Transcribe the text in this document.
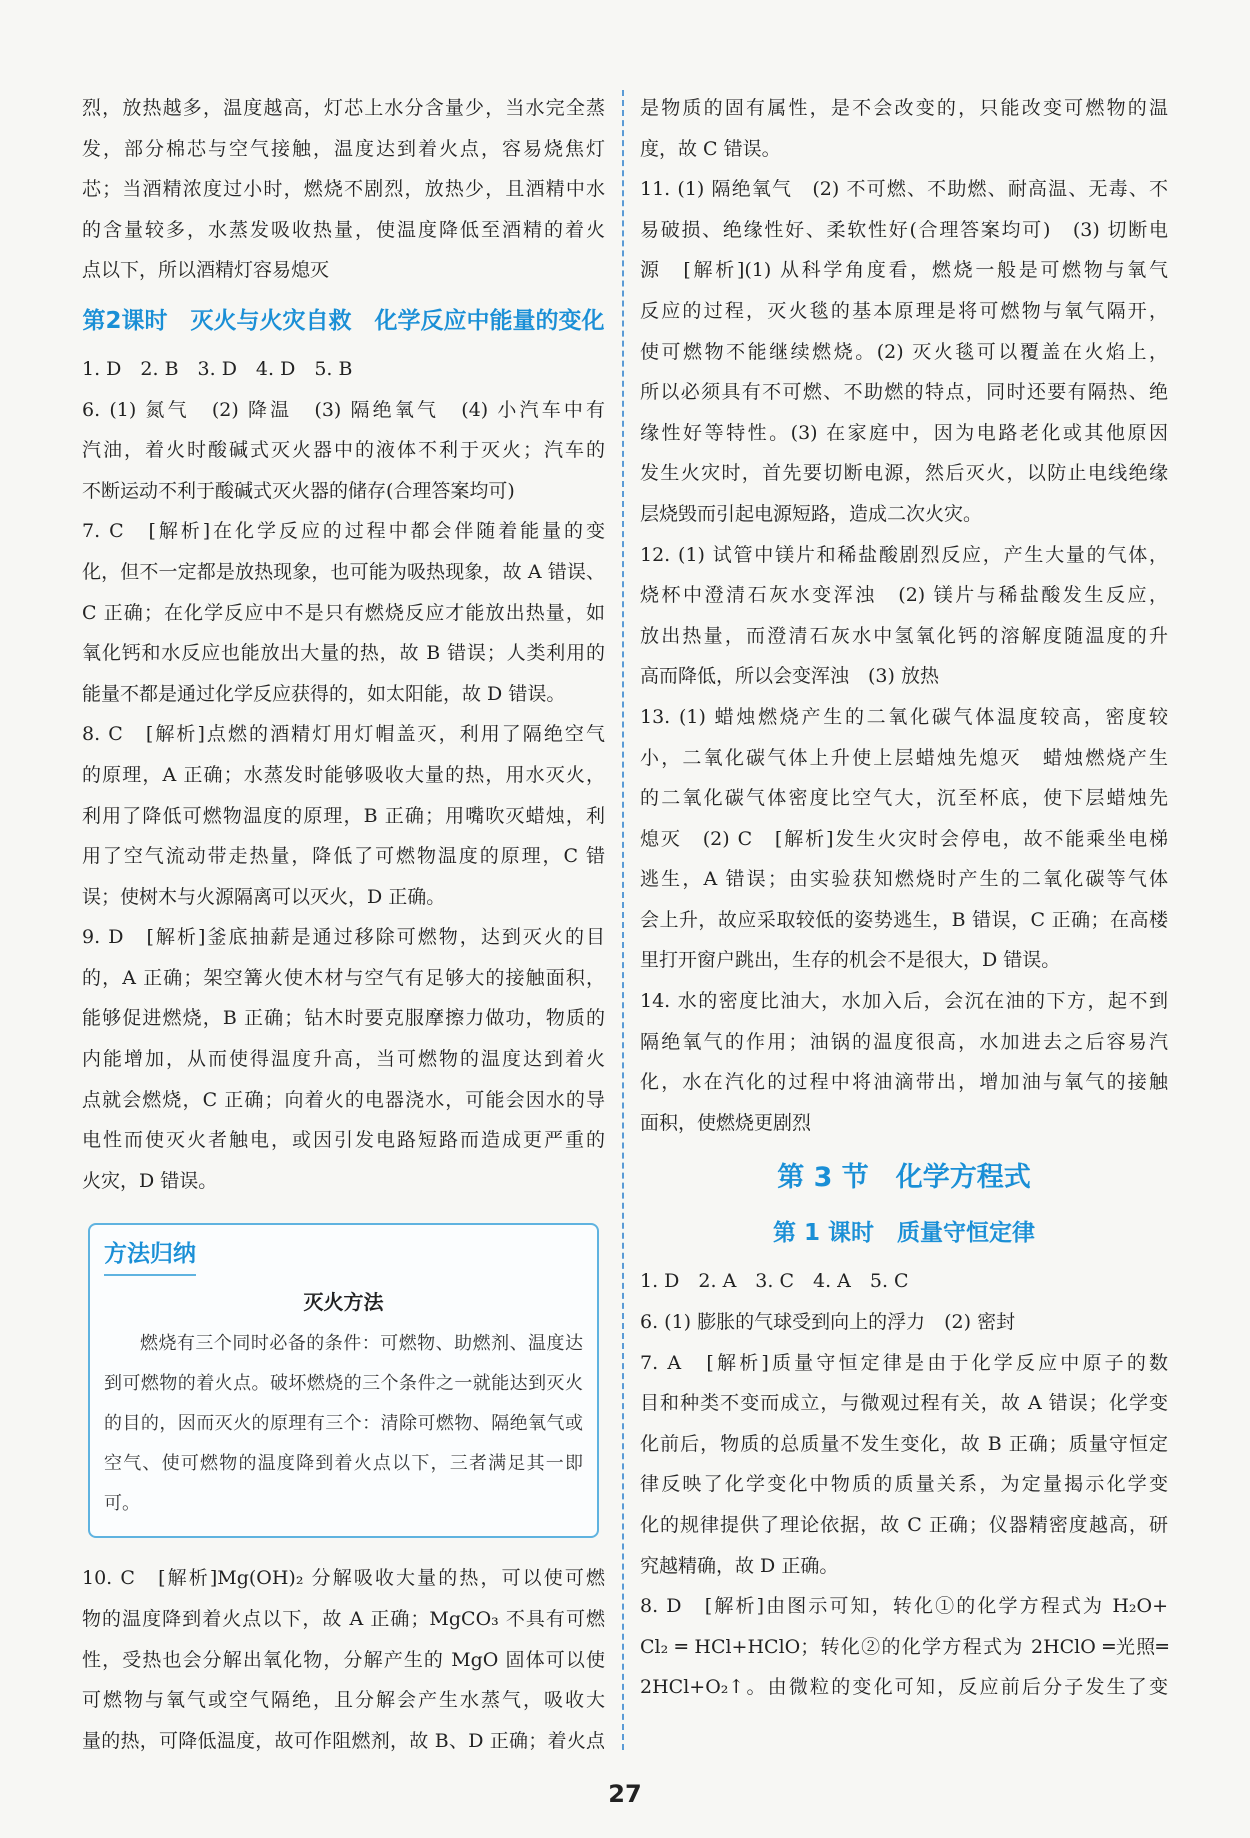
烈，放热越多，温度越高，灯芯上水分含量少，当水完全蒸

发，部分棉芯与空气接触，温度达到着火点，容易烧焦灯

芯；当酒精浓度过小时，燃烧不剧烈，放热少，且酒精中水

的含量较多，水蒸发吸收热量，使温度降低至酒精的着火

点以下，所以酒精灯容易熄灭

第2课时　灭火与火灾自救　化学反应中能量的变化

1. D　2. B　3. D　4. D　5. B

6. (1) 氮气　(2) 降温　(3) 隔绝氧气　(4) 小汽车中有

汽油，着火时酸碱式灭火器中的液体不利于灭火；汽车的

不断运动不利于酸碱式灭火器的储存(合理答案均可)

7. C　[解析]在化学反应的过程中都会伴随着能量的变

化，但不一定都是放热现象，也可能为吸热现象，故 A 错误、

C 正确；在化学反应中不是只有燃烧反应才能放出热量，如

氧化钙和水反应也能放出大量的热，故 B 错误；人类利用的

能量不都是通过化学反应获得的，如太阳能，故 D 错误。

8. C　[解析]点燃的酒精灯用灯帽盖灭，利用了隔绝空气

的原理，A 正确；水蒸发时能够吸收大量的热，用水灭火，

利用了降低可燃物温度的原理，B 正确；用嘴吹灭蜡烛，利

用了空气流动带走热量，降低了可燃物温度的原理，C 错

误；使树木与火源隔离可以灭火，D 正确。

9. D　[解析]釜底抽薪是通过移除可燃物，达到灭火的目

的，A 正确；架空篝火使木材与空气有足够大的接触面积，

能够促进燃烧，B 正确；钻木时要克服摩擦力做功，物质的

内能增加，从而使得温度升高，当可燃物的温度达到着火

点就会燃烧，C 正确；向着火的电器浇水，可能会因水的导

电性而使灭火者触电，或因引发电路短路而造成更严重的

火灾，D 错误。

方法归纳
灭火方法

燃烧有三个同时必备的条件：可燃物、助燃剂、温度达到可燃物的着火点。破坏燃烧的三个条件之一就能达到灭火的目的，因而灭火的原理有三个：清除可燃物、隔绝氧气或空气、使可燃物的温度降到着火点以下，三者满足其一即可。

10. C　[解析]Mg(OH)₂ 分解吸收大量的热，可以使可燃

物的温度降到着火点以下，故 A 正确；MgCO₃ 不具有可燃

性，受热也会分解出氧化物，分解产生的 MgO 固体可以使

可燃物与氧气或空气隔绝，且分解会产生水蒸气，吸收大

量的热，可降低温度，故可作阻燃剂，故 B、D 正确；着火点

是物质的固有属性，是不会改变的，只能改变可燃物的温

度，故 C 错误。

11. (1) 隔绝氧气　(2) 不可燃、不助燃、耐高温、无毒、不

易破损、绝缘性好、柔软性好(合理答案均可)　(3) 切断电

源　[解析](1) 从科学角度看，燃烧一般是可燃物与氧气

反应的过程，灭火毯的基本原理是将可燃物与氧气隔开，

使可燃物不能继续燃烧。(2) 灭火毯可以覆盖在火焰上，

所以必须具有不可燃、不助燃的特点，同时还要有隔热、绝

缘性好等特性。(3) 在家庭中，因为电路老化或其他原因

发生火灾时，首先要切断电源，然后灭火，以防止电线绝缘

层烧毁而引起电源短路，造成二次火灾。

12. (1) 试管中镁片和稀盐酸剧烈反应，产生大量的气体，

烧杯中澄清石灰水变浑浊　(2) 镁片与稀盐酸发生反应，

放出热量，而澄清石灰水中氢氧化钙的溶解度随温度的升

高而降低，所以会变浑浊　(3) 放热

13. (1) 蜡烛燃烧产生的二氧化碳气体温度较高，密度较

小，二氧化碳气体上升使上层蜡烛先熄灭　蜡烛燃烧产生

的二氧化碳气体密度比空气大，沉至杯底，使下层蜡烛先

熄灭　(2) C　[解析]发生火灾时会停电，故不能乘坐电梯

逃生，A 错误；由实验获知燃烧时产生的二氧化碳等气体

会上升，故应采取较低的姿势逃生，B 错误，C 正确；在高楼

里打开窗户跳出，生存的机会不是很大，D 错误。

14. 水的密度比油大，水加入后，会沉在油的下方，起不到

隔绝氧气的作用；油锅的温度很高，水加进去之后容易汽

化，水在汽化的过程中将油滴带出，增加油与氧气的接触

面积，使燃烧更剧烈

第 3 节　化学方程式
第 1 课时　质量守恒定律

1. D　2. A　3. C　4. A　5. C

6. (1) 膨胀的气球受到向上的浮力　(2) 密封

7. A　[解析]质量守恒定律是由于化学反应中原子的数

目和种类不变而成立，与微观过程有关，故 A 错误；化学变

化前后，物质的总质量不发生变化，故 B 正确；质量守恒定

律反映了化学变化中物质的质量关系，为定量揭示化学变

化的规律提供了理论依据，故 C 正确；仪器精密度越高，研

究越精确，故 D 正确。

8. D　[解析]由图示可知，转化①的化学方程式为 H₂O+

Cl₂ ═ HCl+HClO；转化②的化学方程式为 2HClO ═光照═

2HCl+O₂↑。由微粒的变化可知，反应前后分子发生了变

27
